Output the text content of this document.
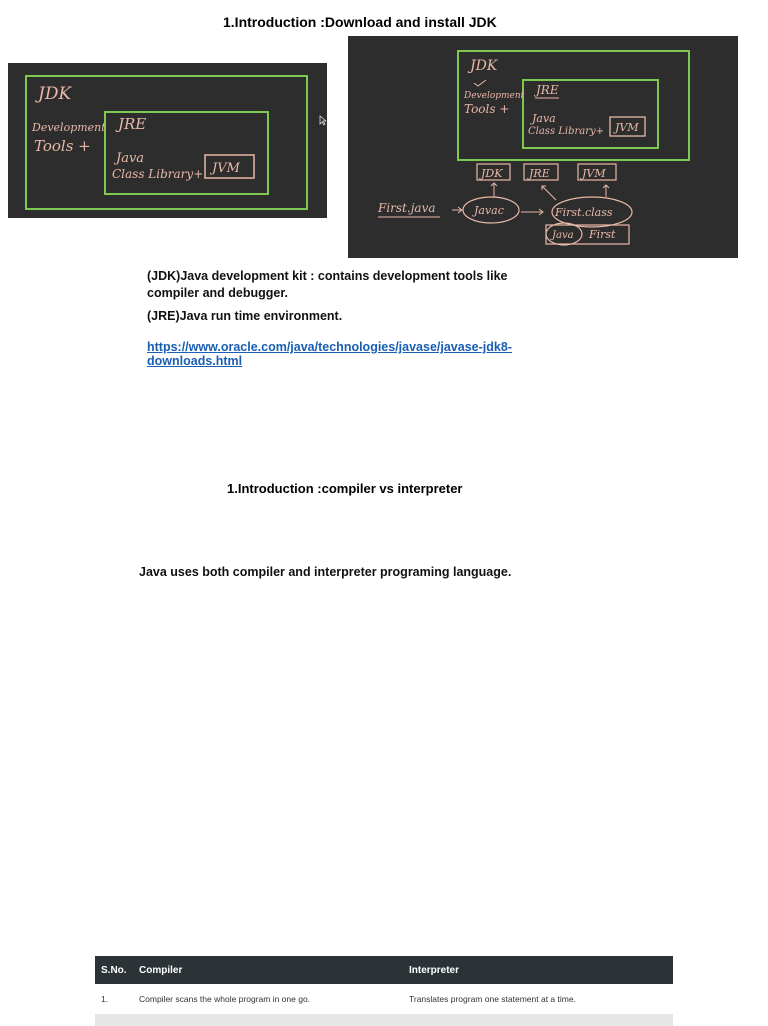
1.Introduction :Download and install JDK
JDK
Development
Tools +
JRE
Java
Class Library+ JVM
JDK
Development
Tools +
JRE
Java
Class Library+ JVM
JDK JRE	JVM
First.java	Javac	First.class
Java First
(JDK)Java development kit : contains development tools like compiler and debugger.
(JRE)Java run time environment.
https://www.oracle.com/java/technologies/javase/javase-jdk8-downloads.html
1.Introduction :compiler vs interpreter
Java uses both compiler and interpreter programing language.
S.No.	Compiler	Interpreter
1.	Compiler scans the whole program in one go.	Translates program one statement at a time.
